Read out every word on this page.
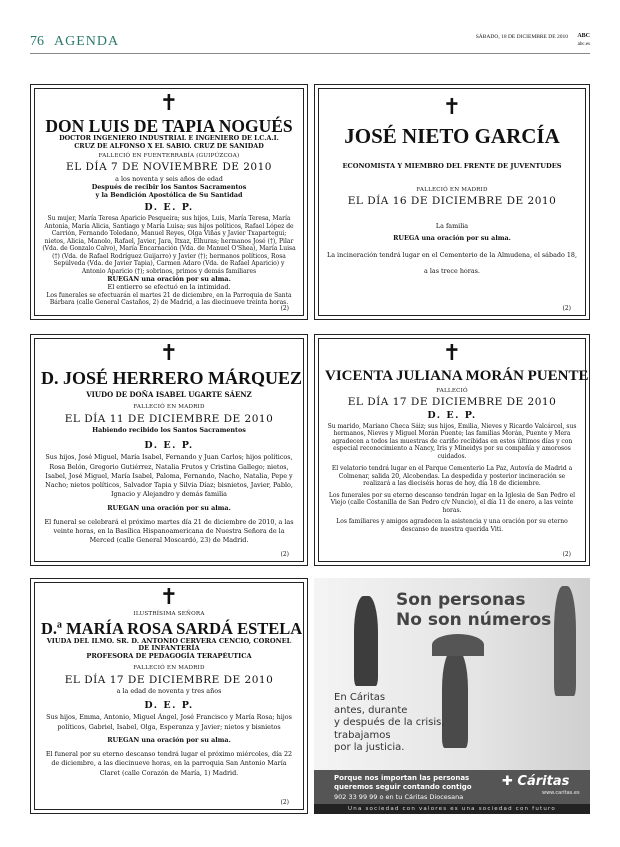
76 AGENDA	SÁBADO, 18 DE DICIEMBRE DE 2010 ABC
abc.es
✝
DON LUIS DE TAPIA NOGUÉS
DOCTOR INGENIERO INDUSTRIAL E INGENIERO DE I.C.A.I.
CRUZ DE ALFONSO X EL SABIO. CRUZ DE SANIDAD
FALLECIÓ EN FUENTERRABÍA (GUIPÚZCOA)
EL DÍA 7 DE NOVIEMBRE DE 2010
a los noventa y seis años de edad
Después de recibir los Santos Sacramentos
y la Bendición Apostólica de Su Santidad
D. E. P.
Su mujer, María Teresa Aparicio Pesqueira; sus hijos, Luis, María Teresa, María Antonia, María Alicia, Santiago y María Luisa; sus hijos políticos, Rafael López de Carrión, Fernando Toledano, Manuel Reyes, Olga Viñas y Javier Txapartegui; nietos, Alicia, Manolo, Rafael, Javier, Jara, Itxaz, Elhuras; hermanos José (†), Pilar (Vda. de Gonzalo Calvo), María Encarnación (Vda. de Manuel O'Shea), María Luisa (†) (Vda. de Rafael Rodríguez Guijarro) y Javier (†); hermanos políticos, Rosa Sepúlveda (Vda. de Javier Tapia), Carmen Adaro (Vda. de Rafael Aparicio) y Antonio Aparicio (†); sobrinos, primos y demás familiares
RUEGAN una oración por su alma.
El entierro se efectuó en la intimidad.
Los funerales se efectuarán el martes 21 de diciembre, en la Parroquia de Santa Bárbara (calle General Castaños, 2) de Madrid, a las diecinueve treinta horas.
(2)
✝
JOSÉ NIETO GARCÍA
ECONOMISTA Y MIEMBRO DEL FRENTE DE JUVENTUDES
FALLECIÓ EN MADRID
EL DÍA 16 DE DICIEMBRE DE 2010
La familia
RUEGA una oración por su alma.
La incineración tendrá lugar en el Cementerio de la Almudena, el sábado 18, a las trece horas.
(2)
✝
D. JOSÉ HERRERO MÁRQUEZ
VIUDO DE DOÑA ISABEL UGARTE SÁENZ
FALLECIÓ EN MADRID
EL DÍA 11 DE DICIEMBRE DE 2010
Habiendo recibido los Santos Sacramentos
D. E. P.
Sus hijos, José Miguel, María Isabel, Fernando y Juan Carlos; hijos políticos, Rosa Belón, Gregorio Gutiérrez, Natalia Frutos y Cristina Gallego; nietos, Isabel, José Miguel, María Isabel, Paloma, Fernando, Nacho, Natalia, Pepe y Nacho; nietos políticos, Salvador Tapia y Silvia Díaz; bisnietos, Javier, Pablo, Ignacio y Alejandro y demás familia
RUEGAN una oración por su alma.
El funeral se celebrará el próximo martes día 21 de diciembre de 2010, a las veinte horas, en la Basílica Hispanoamericana de Nuestra Señora de la Merced (calle General Moscardó, 23) de Madrid.
(2)
✝
VICENTA JULIANA MORÁN PUENTE
FALLECIÓ
EL DÍA 17 DE DICIEMBRE DE 2010
D. E. P.
Su marido, Mariano Checa Sáiz; sus hijos, Emilia, Nieves y Ricardo Valcárcel, sus hermanos, Nieves y Miguel Morán Puente; las familias Morán, Puente y Mera agradecen a todos las muestras de cariño recibidas en estos últimos días y con especial reconocimiento a Nancy, Iris y Mineidys por su compañía y amorosos cuidados.
El velatorio tendrá lugar en el Parque Cementerio La Paz, Autovía de Madrid a Colmenar, salida 20, Alcobendas. La despedida y posterior incineración se realizará a las dieciséis horas de hoy, día 18 de diciembre.
Los funerales por su eterno descanso tendrán lugar en la Iglesia de San Pedro el Viejo (calle Costanilla de San Pedro c/v Nuncio), el día 11 de enero, a las veinte horas.
Los familiares y amigos agradecen la asistencia y una oración por su eterno descanso de nuestra querida Viti.
(2)
✝
ILUSTRÍSIMA SEÑORA
D.ª MARÍA ROSA SARDÁ ESTELA
VIUDA DEL ILMO. SR. D. ANTONIO CERVERA CENCIO, CORONEL
DE INFANTERÍA
PROFESORA DE PEDAGOGÍA TERAPÉUTICA
FALLECIÓ EN MADRID
EL DÍA 17 DE DICIEMBRE DE 2010
a la edad de noventa y tres años
D. E. P.
Sus hijos, Emma, Antonio, Miguel Ángel, José Francisco y María Rosa; hijos políticos, Gabriel, Isabel, Olga, Esperanza y Javier; nietos y bisnietos
RUEGAN una oración por su alma.
El funeral por su eterno descanso tendrá lugar el próximo miércoles, día 22 de diciembre, a las diecinueve horas, en la parroquia San Antonio María Claret (calle Corazón de María, 1) Madrid.
(2)
Son personas
No son números
En Cáritas
antes, durante
y después de la crisis,
trabajamos
por la justicia.
Porque nos importan las personas
queremos seguir contando contigo
902 33 99 99 o en tu Cáritas Diocesana
✚ Cáritas
www.caritas.es
Una sociedad con valores es una sociedad con futuro
